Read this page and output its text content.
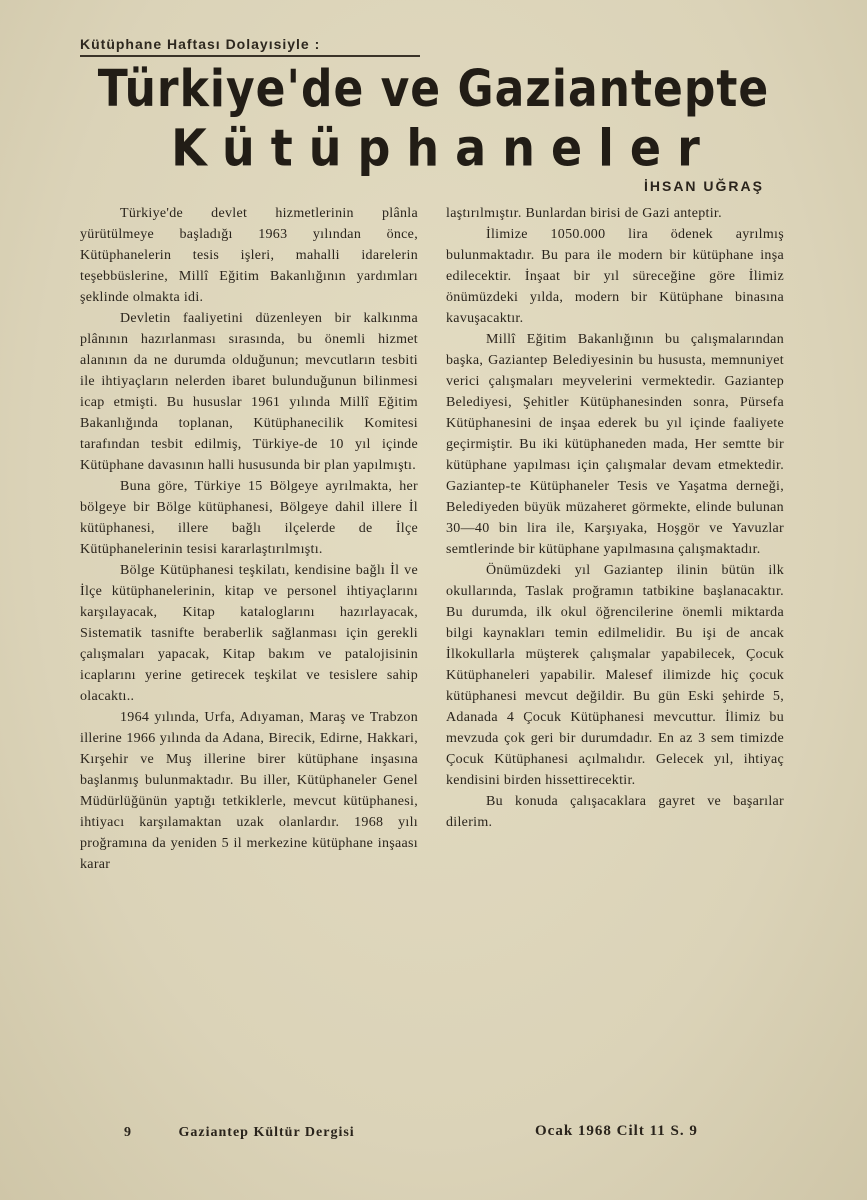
Kütüphane Haftası Dolayısiyle :
Türkiye'de ve Gaziantepte
Kütüphaneler
İHSAN UĞRAŞ

Türkiye'de devlet hizmetlerinin plânla yürütülmeye başladığı 1963 yılından önce, Kütüphanelerin tesis işleri, mahalli idarelerin teşebbüslerine, Millî Eğitim Bakanlığının yardımları şeklinde olmakta idi.

Devletin faaliyetini düzenleyen bir kalkınma plânının hazırlanması sırasında, bu önemli hizmet alanının da ne durumda olduğunun; mevcutların tesbiti ile ihtiyaçların nelerden ibaret bulunduğunun bilinmesi icap etmişti. Bu hususlar 1961 yılında Millî Eğitim Bakanlığında toplanan, Kütüphanecilik Komitesi tarafından tesbit edilmiş, Türkiye-de 10 yıl içinde Kütüphane davasının halli hususunda bir plan yapılmıştı.

Buna göre, Türkiye 15 Bölgeye ayrılmakta, her bölgeye bir Bölge kütüphanesi, Bölgeye dahil illere İl kütüphanesi, illere bağlı ilçelerde de İlçe Kütüphanelerinin tesisi kararlaştırılmıştı.

Bölge Kütüphanesi teşkilatı, kendisine bağlı İl ve İlçe kütüphanelerinin, kitap ve personel ihtiyaçlarını karşılayacak, Kitap kataloglarını hazırlayacak, Sistematik tasnifte beraberlik sağlanması için gerekli çalışmaları yapacak, Kitap bakım ve patalojisinin icaplarını yerine getirecek teşkilat ve tesislere sahip olacaktı..

1964 yılında, Urfa, Adıyaman, Maraş ve Trabzon illerine 1966 yılında da Adana, Birecik, Edirne, Hakkari, Kırşehir ve Muş illerine birer kütüphane inşasına başlanmış bulunmaktadır. Bu iller, Kütüphaneler Genel Müdürlüğünün yaptığı tetkiklerle, mevcut kütüphanesi, ihtiyacı karşılamaktan uzak olanlardır. 1968 yılı proğramına da yeniden 5 il merkezine kütüphane inşaası karar

laştırılmıştır. Bunlardan birisi de Gazi anteptir.

İlimize 1050.000 lira ödenek ayrılmış bulunmaktadır. Bu para ile modern bir kütüphane inşa edilecektir. İnşaat bir yıl süreceğine göre İlimiz önümüzdeki yılda, modern bir Kütüphane binasına kavuşacaktır.

Millî Eğitim Bakanlığının bu çalışmalarından başka, Gaziantep Belediyesinin bu hususta, memnuniyet verici çalışmaları meyvelerini vermektedir. Gaziantep Belediyesi, Şehitler Kütüphanesinden sonra, Pürsefa Kütüphanesini de inşaa ederek bu yıl içinde faaliyete geçirmiştir. Bu iki kütüphaneden mada, Her semtte bir kütüphane yapılması için çalışmalar devam etmektedir. Gaziantep-te Kütüphaneler Tesis ve Yaşatma derneği, Belediyeden büyük müzaheret görmekte, elinde bulunan 30—40 bin lira ile, Karşıyaka, Hoşgör ve Yavuzlar semtlerinde bir kütüphane yapılmasına çalışmaktadır.

Önümüzdeki yıl Gaziantep ilinin bütün ilk okullarında, Taslak proğramın tatbikine başlanacaktır. Bu durumda, ilk okul öğrencilerine önemli miktarda bilgi kaynakları temin edilmelidir. Bu işi de ancak İlkokullarla müşterek çalışmalar yapabilecek, Çocuk Kütüphaneleri yapabilir. Malesef ilimizde hiç çocuk kütüphanesi mevcut değildir. Bu gün Eski şehirde 5, Adanada 4 Çocuk Kütüphanesi mevcuttur. İlimiz bu mevzuda çok geri bir durumdadır. En az 3 sem timizde Çocuk Kütüphanesi açılmalıdır. Gelecek yıl, ihtiyaç kendisini birden hissettirecektir.

Bu konuda çalışacaklara gayret ve başarılar dilerim.

9	Gaziantep Kültür Dergisi	Ocak 1968 Cilt 11 S. 9
